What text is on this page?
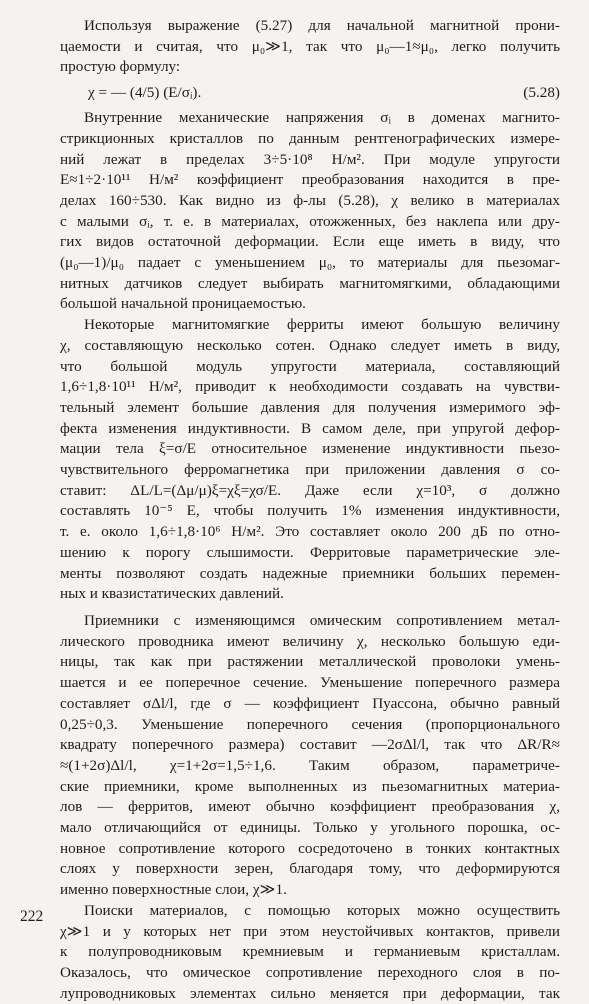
Используя выражение (5.27) для начальной магнитной прони-
цаемости и считая, что μ₀≫1, так что μ₀—1≈μ₀, легко получить
простую формулу:
χ = — (4/5) (E/σᵢ).	(5.28)
Внутренние механические напряжения σᵢ в доменах магнито-
стрикционных кристаллов по данным рентгенографических измере-
ний лежат в пределах 3÷5·10⁸ Н/м². При модуле упругости
E≈1÷2·10¹¹ Н/м² коэффициент преобразования находится в пре-
делах 160÷530. Как видно из ф-лы (5.28), χ велико в материалах
с малыми σᵢ, т. е. в материалах, отожженных, без наклепа или дру-
гих видов остаточной деформации. Если еще иметь в виду, что
(μ₀—1)/μ₀ падает с уменьшением μ₀, то материалы для пьезомаг-
нитных датчиков следует выбирать магнитомягкими, обладающими
большой начальной проницаемостью.
Некоторые магнитомягкие ферриты имеют большую величину
χ, составляющую несколько сотен. Однако следует иметь в виду,
что большой модуль упругости материала, составляющий
1,6÷1,8·10¹¹ Н/м², приводит к необходимости создавать на чувстви-
тельный элемент большие давления для получения измеримого эф-
фекта изменения индуктивности. В самом деле, при упругой дефор-
мации тела ξ=σ/E относительное изменение индуктивности пьезо-
чувствительного ферромагнетика при приложении давления σ со-
ставит: ΔL/L=(Δμ/μ)ξ=χξ=χσ/E. Даже если χ=10³, σ должно
составлять 10⁻⁵ E, чтобы получить 1% изменения индуктивности,
т. е. около 1,6÷1,8·10⁶ Н/м². Это составляет около 200 дБ по отно-
шению к порогу слышимости. Ферритовые параметрические эле-
менты позволяют создать надежные приемники больших перемен-
ных и квазистатических давлений.
Приемники с изменяющимся омическим сопротивлением метал-
лического проводника имеют величину χ, несколько большую еди-
ницы, так как при растяжении металлической проволоки умень-
шается и ее поперечное сечение. Уменьшение поперечного размера
составляет σΔl/l, где σ — коэффициент Пуассона, обычно равный
0,25÷0,3. Уменьшение поперечного сечения (пропорционального
квадрату поперечного размера) составит —2σΔl/l, так что ΔR/R≈
≈(1+2σ)Δl/l, χ=1+2σ=1,5÷1,6. Таким образом, параметриче-
ские приемники, кроме выполненных из пьезомагнитных материа-
лов — ферритов, имеют обычно коэффициент преобразования χ,
мало отличающийся от единицы. Только у угольного порошка, ос-
новное сопротивление которого сосредоточено в тонких контактных
слоях у поверхности зерен, благодаря тому, что деформируются
именно поверхностные слои, χ≫1.
Поиски материалов, с помощью которых можно осуществить
χ≫1 и у которых нет при этом неустойчивых контактов, привели
к полупроводниковым кремниевым и германиевым кристаллам.
Оказалось, что омическое сопротивление переходного слоя в по-
лупроводниковых элементах сильно меняется при деформации, так
222
